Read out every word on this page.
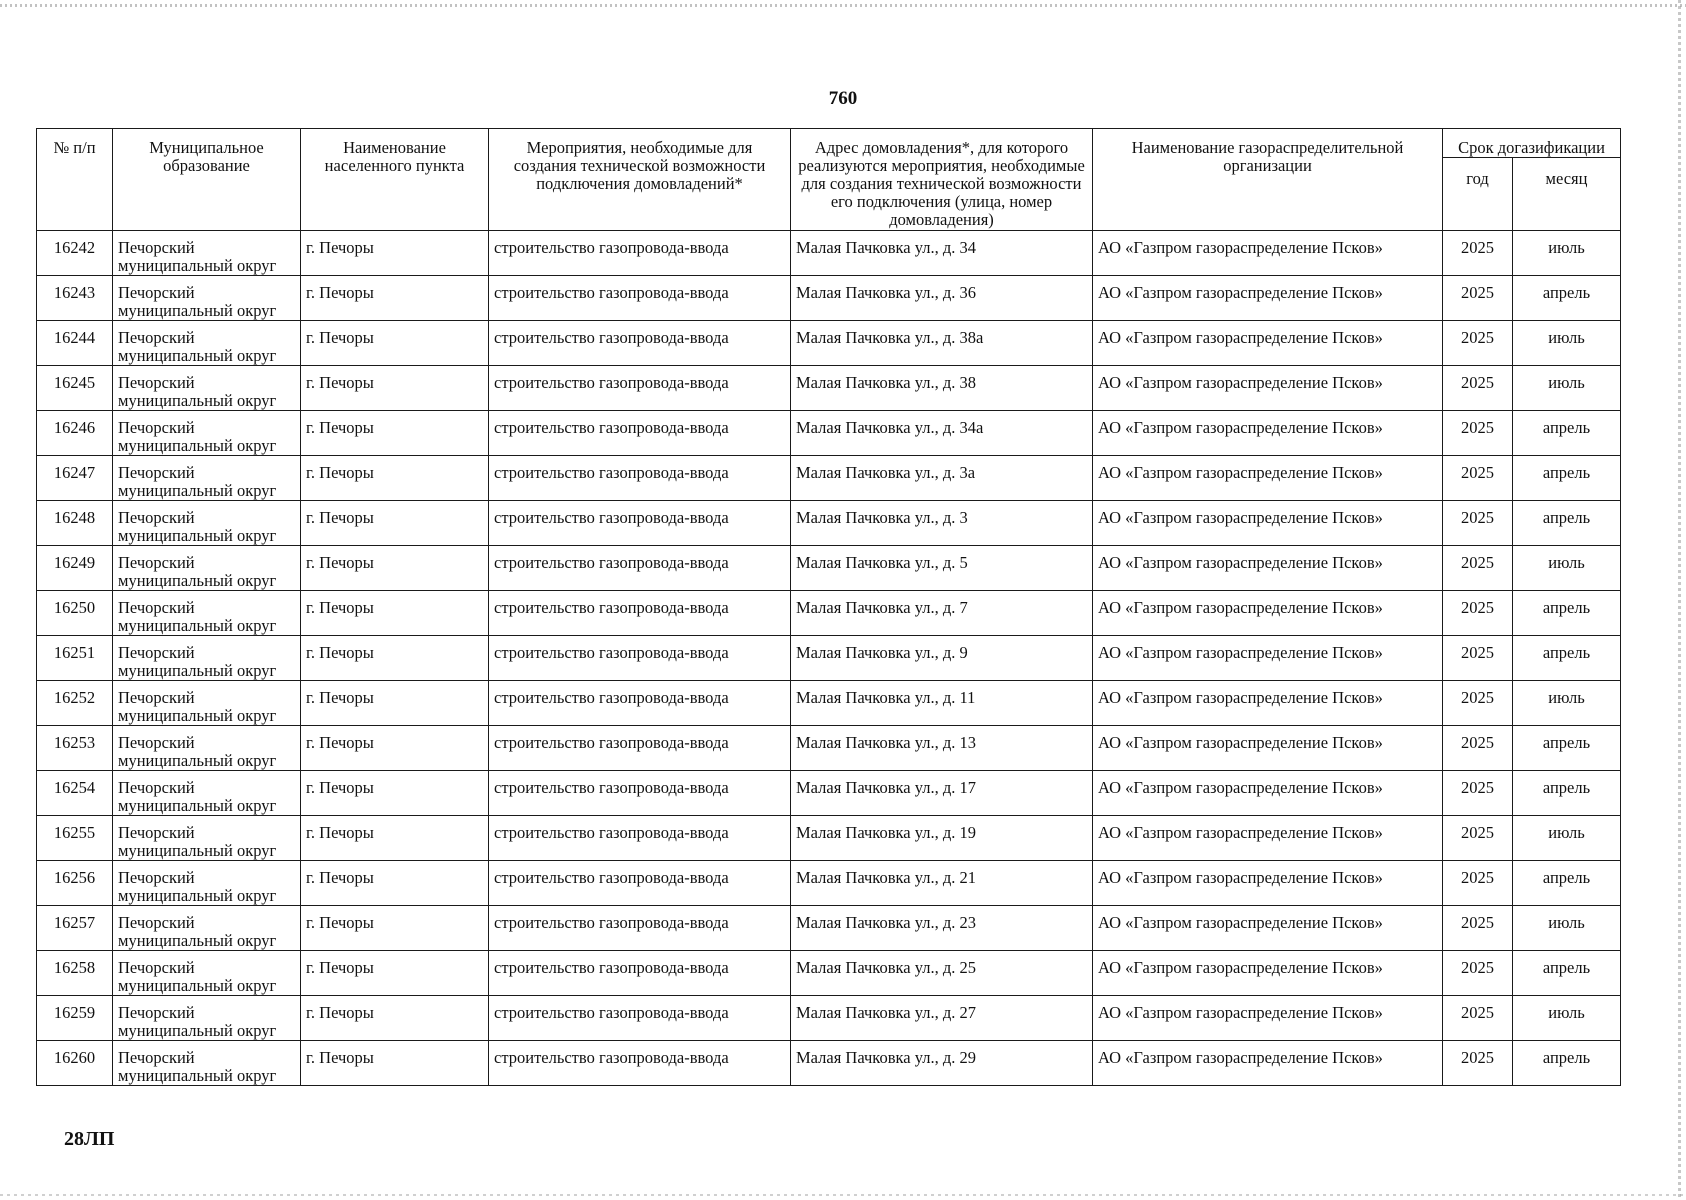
760
№ п/п	Муниципальное образование	Наименование населенного пункта	Мероприятия, необходимые для создания технической возможности подключения домовладений*	Адрес домовладения*, для которого реализуются мероприятия, необходимые для создания технической возможности его подключения (улица, номер домовладения)	Наименование газораспределительной организации	Срок догазификации	
						год	месяц
16242	Печорский муниципальный округ	г. Печоры	строительство газопровода-ввода	Малая Пачковка ул., д. 34	АО «Газпром газораспределение Псков»	2025	июль
16243	Печорский муниципальный округ	г. Печоры	строительство газопровода-ввода	Малая Пачковка ул., д. 36	АО «Газпром газораспределение Псков»	2025	апрель
16244	Печорский муниципальный округ	г. Печоры	строительство газопровода-ввода	Малая Пачковка ул., д. 38а	АО «Газпром газораспределение Псков»	2025	июль
16245	Печорский муниципальный округ	г. Печоры	строительство газопровода-ввода	Малая Пачковка ул., д. 38	АО «Газпром газораспределение Псков»	2025	июль
16246	Печорский муниципальный округ	г. Печоры	строительство газопровода-ввода	Малая Пачковка ул., д. 34а	АО «Газпром газораспределение Псков»	2025	апрель
16247	Печорский муниципальный округ	г. Печоры	строительство газопровода-ввода	Малая Пачковка ул., д. 3а	АО «Газпром газораспределение Псков»	2025	апрель
16248	Печорский муниципальный округ	г. Печоры	строительство газопровода-ввода	Малая Пачковка ул., д. 3	АО «Газпром газораспределение Псков»	2025	апрель
16249	Печорский муниципальный округ	г. Печоры	строительство газопровода-ввода	Малая Пачковка ул., д. 5	АО «Газпром газораспределение Псков»	2025	июль
16250	Печорский муниципальный округ	г. Печоры	строительство газопровода-ввода	Малая Пачковка ул., д. 7	АО «Газпром газораспределение Псков»	2025	апрель
16251	Печорский муниципальный округ	г. Печоры	строительство газопровода-ввода	Малая Пачковка ул., д. 9	АО «Газпром газораспределение Псков»	2025	апрель
16252	Печорский муниципальный округ	г. Печоры	строительство газопровода-ввода	Малая Пачковка ул., д. 11	АО «Газпром газораспределение Псков»	2025	июль
16253	Печорский муниципальный округ	г. Печоры	строительство газопровода-ввода	Малая Пачковка ул., д. 13	АО «Газпром газораспределение Псков»	2025	апрель
16254	Печорский муниципальный округ	г. Печоры	строительство газопровода-ввода	Малая Пачковка ул., д. 17	АО «Газпром газораспределение Псков»	2025	апрель
16255	Печорский муниципальный округ	г. Печоры	строительство газопровода-ввода	Малая Пачковка ул., д. 19	АО «Газпром газораспределение Псков»	2025	июль
16256	Печорский муниципальный округ	г. Печоры	строительство газопровода-ввода	Малая Пачковка ул., д. 21	АО «Газпром газораспределение Псков»	2025	апрель
16257	Печорский муниципальный округ	г. Печоры	строительство газопровода-ввода	Малая Пачковка ул., д. 23	АО «Газпром газораспределение Псков»	2025	июль
16258	Печорский муниципальный округ	г. Печоры	строительство газопровода-ввода	Малая Пачковка ул., д. 25	АО «Газпром газораспределение Псков»	2025	апрель
16259	Печорский муниципальный округ	г. Печоры	строительство газопровода-ввода	Малая Пачковка ул., д. 27	АО «Газпром газораспределение Псков»	2025	июль
16260	Печорский муниципальный округ	г. Печоры	строительство газопровода-ввода	Малая Пачковка ул., д. 29	АО «Газпром газораспределение Псков»	2025	апрель
28ЛП
